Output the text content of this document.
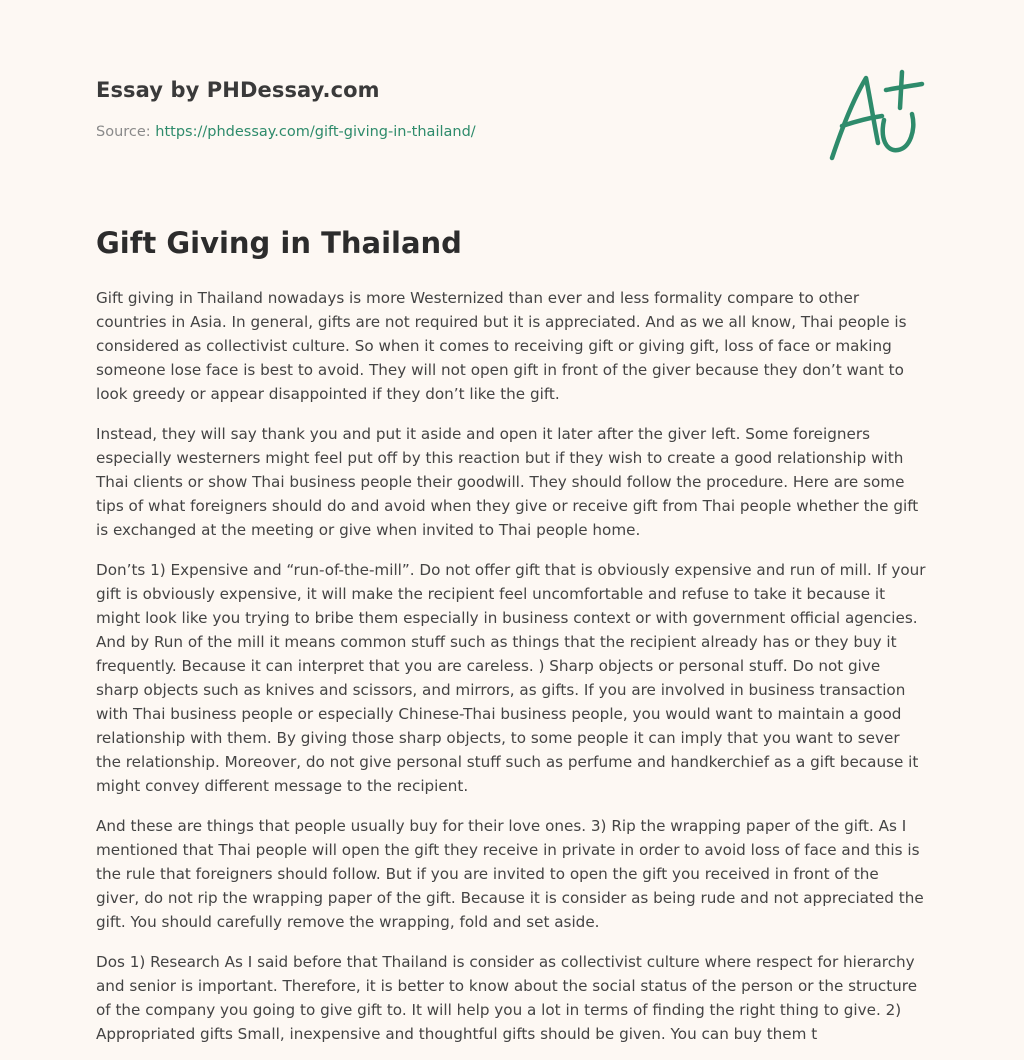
Essay by PHDessay.com
Source: https://phdessay.com/gift-giving-in-thailand/
Gift Giving in Thailand

Gift giving in Thailand nowadays is more Westernized than ever and less formality compare to other countries in Asia. In general, gifts are not required but it is appreciated. And as we all know, Thai people is considered as collectivist culture. So when it comes to receiving gift or giving gift, loss of face or making someone lose face is best to avoid. They will not open gift in front of the giver because they don’t want to look greedy or appear disappointed if they don’t like the gift.

Instead, they will say thank you and put it aside and open it later after the giver left. Some foreigners especially westerners might feel put off by this reaction but if they wish to create a good relationship with Thai clients or show Thai business people their goodwill. They should follow the procedure. Here are some tips of what foreigners should do and avoid when they give or receive gift from Thai people whether the gift is exchanged at the meeting or give when invited to Thai people home.

Don’ts 1) Expensive and “run-of-the-mill”. Do not offer gift that is obviously expensive and run of mill. If your gift is obviously expensive, it will make the recipient feel uncomfortable and refuse to take it because it might look like you trying to bribe them especially in business context or with government official agencies. And by Run of the mill it means common stuff such as things that the recipient already has or they buy it frequently. Because it can interpret that you are careless. ) Sharp objects or personal stuff. Do not give sharp objects such as knives and scissors, and mirrors, as gifts. If you are involved in business transaction with Thai business people or especially Chinese-Thai business people, you would want to maintain a good relationship with them. By giving those sharp objects, to some people it can imply that you want to sever the relationship. Moreover, do not give personal stuff such as perfume and handkerchief as a gift because it might convey different message to the recipient.

And these are things that people usually buy for their love ones. 3) Rip the wrapping paper of the gift. As I mentioned that Thai people will open the gift they receive in private in order to avoid loss of face and this is the rule that foreigners should follow. But if you are invited to open the gift you received in front of the giver, do not rip the wrapping paper of the gift. Because it is consider as being rude and not appreciated the gift. You should carefully remove the wrapping, fold and set aside.

Dos 1) Research As I said before that Thailand is consider as collectivist culture where respect for hierarchy and senior is important. Therefore, it is better to know about the social status of the person or the structure of the company you going to give gift to. It will help you a lot in terms of finding the right thing to give. 2) Appropriated gifts Small, inexpensive and thoughtful gifts should be given. You can buy them t
